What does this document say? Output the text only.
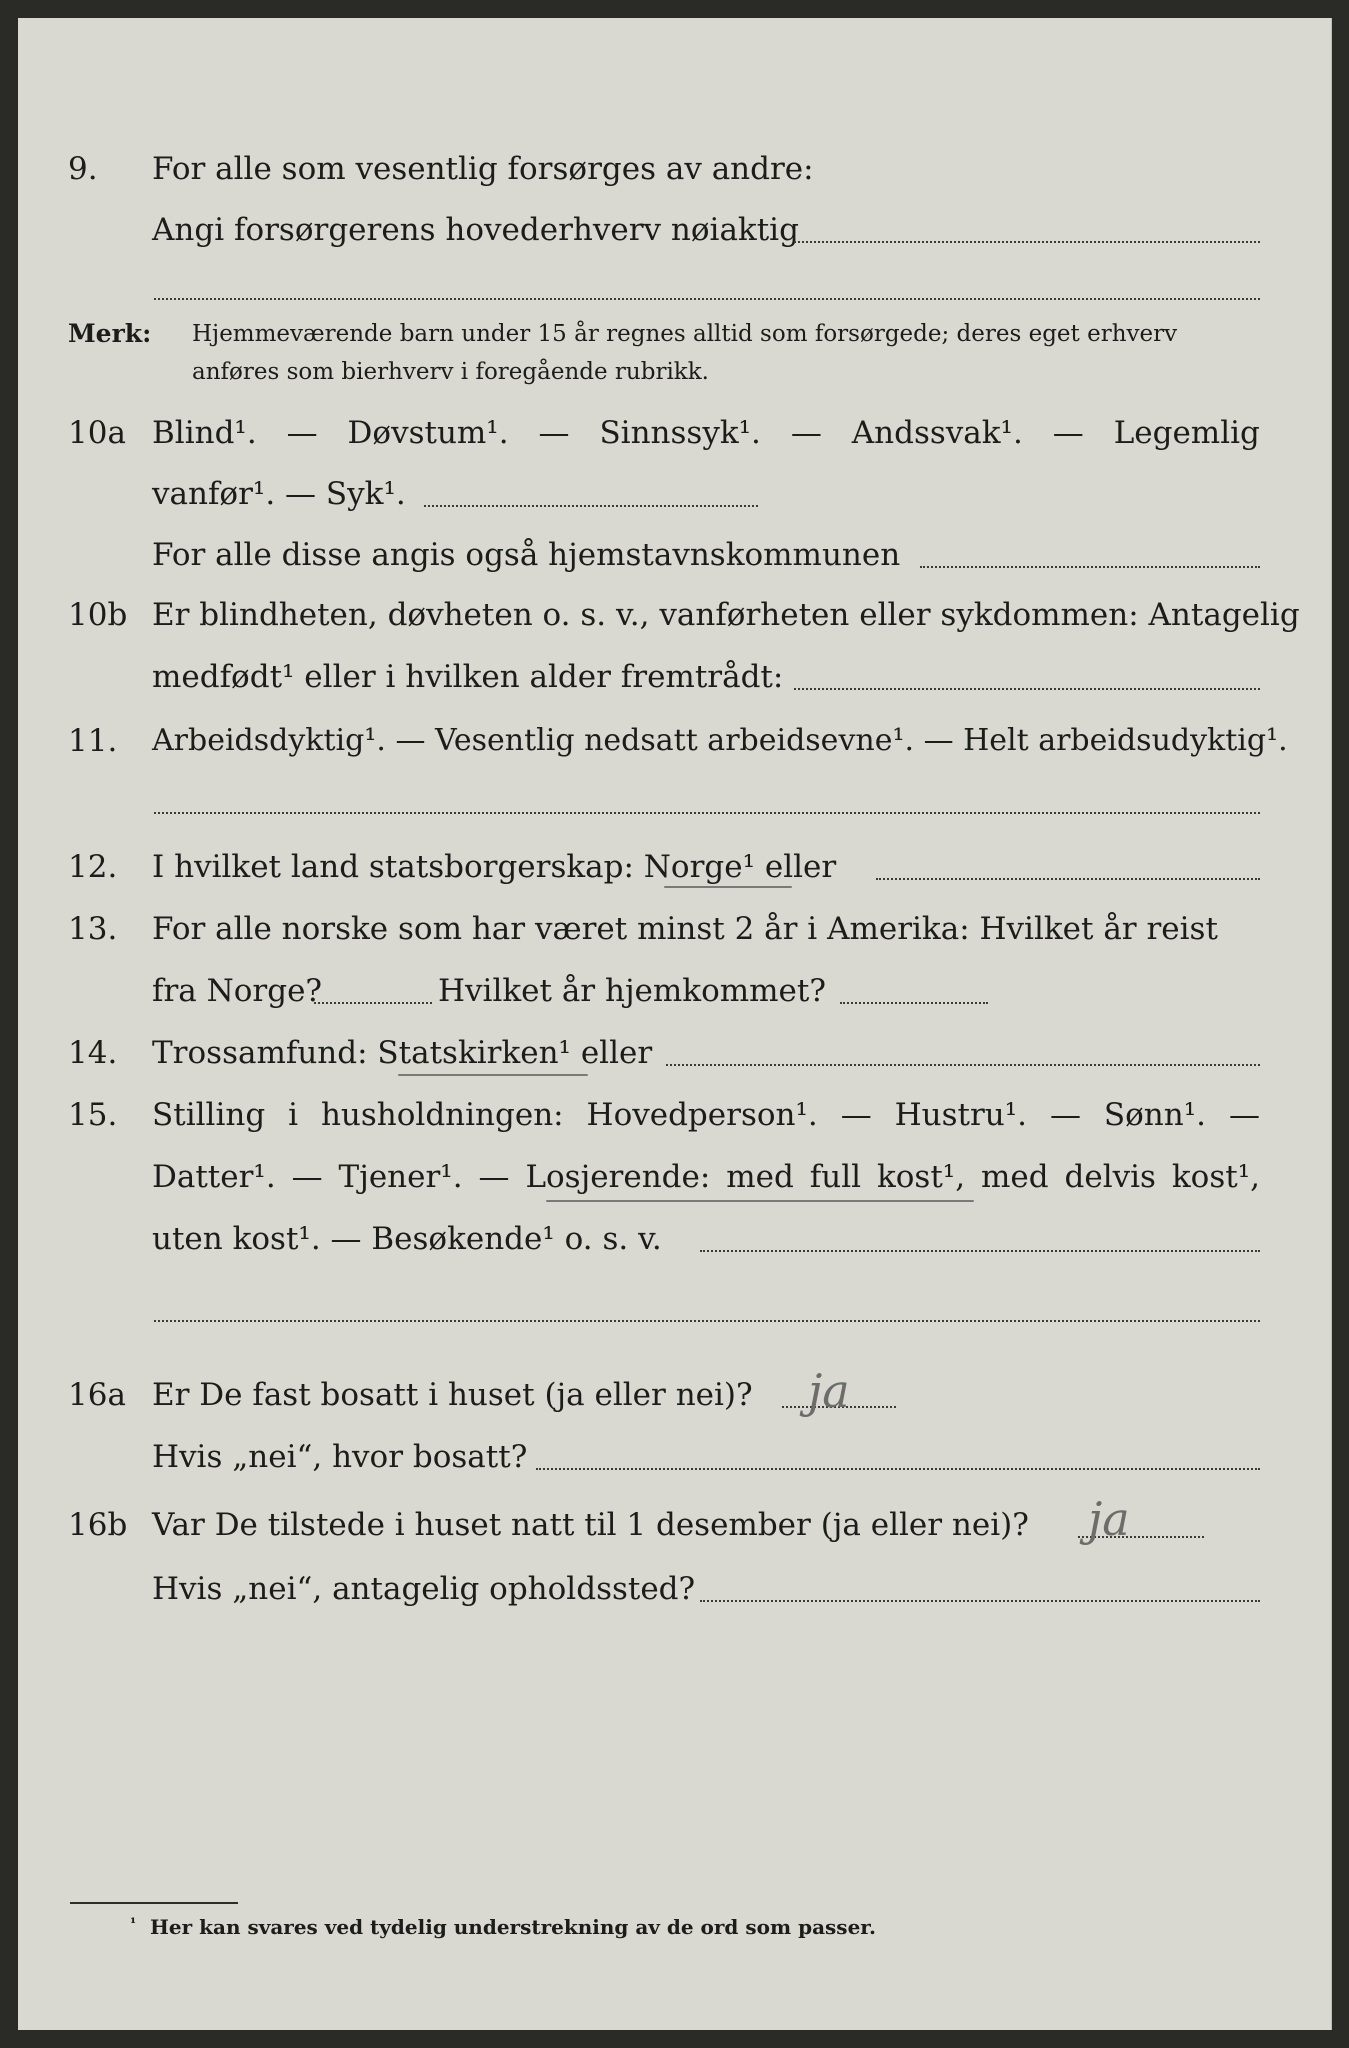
9. For alle som vesentlig forsørges av andre:
Angi forsørgerens hovederhverv nøiaktig
Merk: Hjemmeværende barn under 15 år regnes alltid som forsørgede; deres eget erhverv
anføres som bierhverv i foregående rubrikk.
10a Blind¹. — Døvstum¹. — Sinnssyk¹. — Andssvak¹. — Legemlig
vanfør¹. — Syk¹.
For alle disse angis også hjemstavnskommunen
10b Er blindheten, døvheten o. s. v., vanførheten eller sykdommen: Antagelig
medfødt¹ eller i hvilken alder fremtrådt:
11. Arbeidsdyktig¹. — Vesentlig nedsatt arbeidsevne¹. — Helt arbeidsudyktig¹.
12. I hvilket land statsborgerskap: Norge¹ eller
13. For alle norske som har været minst 2 år i Amerika: Hvilket år reist
fra Norge?	Hvilket år hjemkommet?
14. Trossamfund: Statskirken¹ eller
15. Stilling i husholdningen: Hovedperson¹. — Hustru¹. — Sønn¹. —
Datter¹. — Tjener¹. — Losjerende: med full kost¹, med delvis kost¹,
uten kost¹. — Besøkende¹ o. s. v.
16a Er De fast bosatt i huset (ja eller nei)? ja
Hvis „nei“, hvor bosatt?
16b Var De tilstede i huset natt til 1 desember (ja eller nei)? ja
Hvis „nei“, antagelig opholdssted?
¹ Her kan svares ved tydelig understrekning av de ord som passer.
